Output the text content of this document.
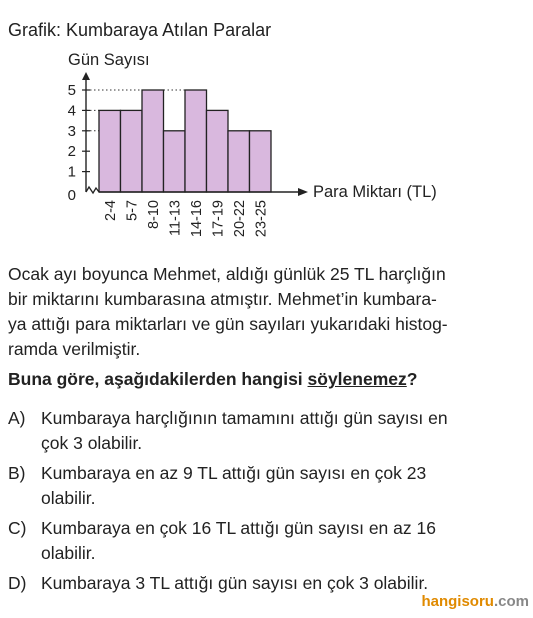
Grafik: Kumbaraya Atılan Paralar
1
2
3
4
5
0
Gün Sayısı
Para Miktarı (TL)
2-4 5-7 8-10 11-13 14-16 17-19 20-22 23-25
Ocak ayı boyunca Mehmet, aldığı günlük 25 TL harçlığın
bir miktarını kumbarasına atmıştır. Mehmet’in kumbara-
ya attığı para miktarları ve gün sayıları yukarıdaki histog-
ramda verilmiştir.
Buna göre, aşağıdakilerden hangisi söylenemez?
A) Kumbaraya harçlığının tamamını attığı gün sayısı en
çok 3 olabilir.
B) Kumbaraya en az 9 TL attığı gün sayısı en çok 23
olabilir.
C) Kumbaraya en çok 16 TL attığı gün sayısı en az 16
olabilir.
D) Kumbaraya 3 TL attığı gün sayısı en çok 3 olabilir.
hangisoru.com
